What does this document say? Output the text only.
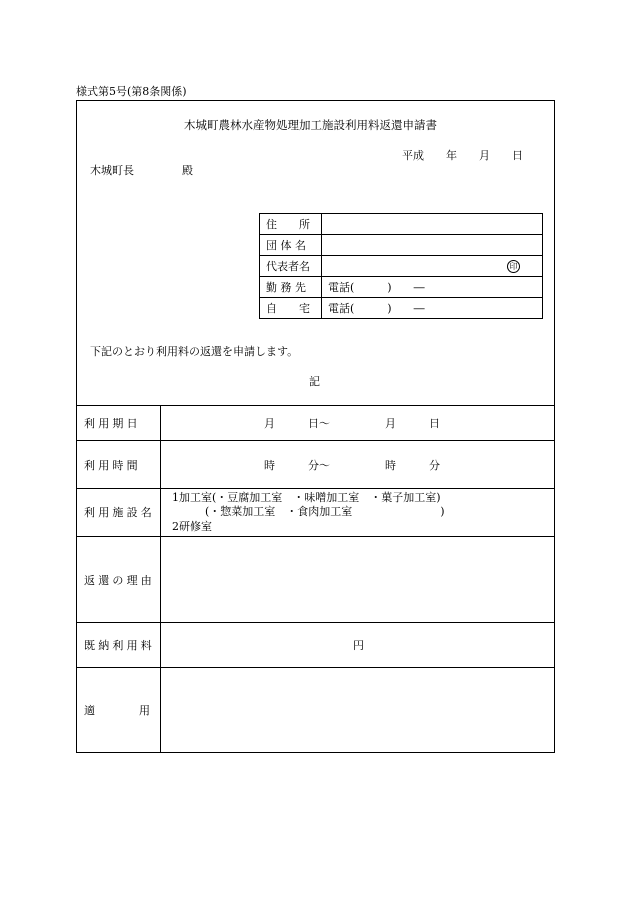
様式第5号(第8条関係)
木城町農林水産物処理加工施設利用料返還申請書
平成　　年　　月　　日
木城町長	殿
住　　所	
団 体 名	
代表者名	印

勤 務 先	電話(　　　)　　―
自　　宅	電話(　　　)　　―
下記のとおり利用料の返還を申請します。
記
利用期日	月　　　日～　　　　　月　　　日
利用時間	時　　　分～　　　　　時　　　分
利用施設名
1加工室(・豆腐加工室　・味噌加工室　・菓子加工室)
　　　(・惣菜加工室　・食肉加工室　　　　　　　　)
2研修室
返還の理由
既納利用料	円
適　　　　用
